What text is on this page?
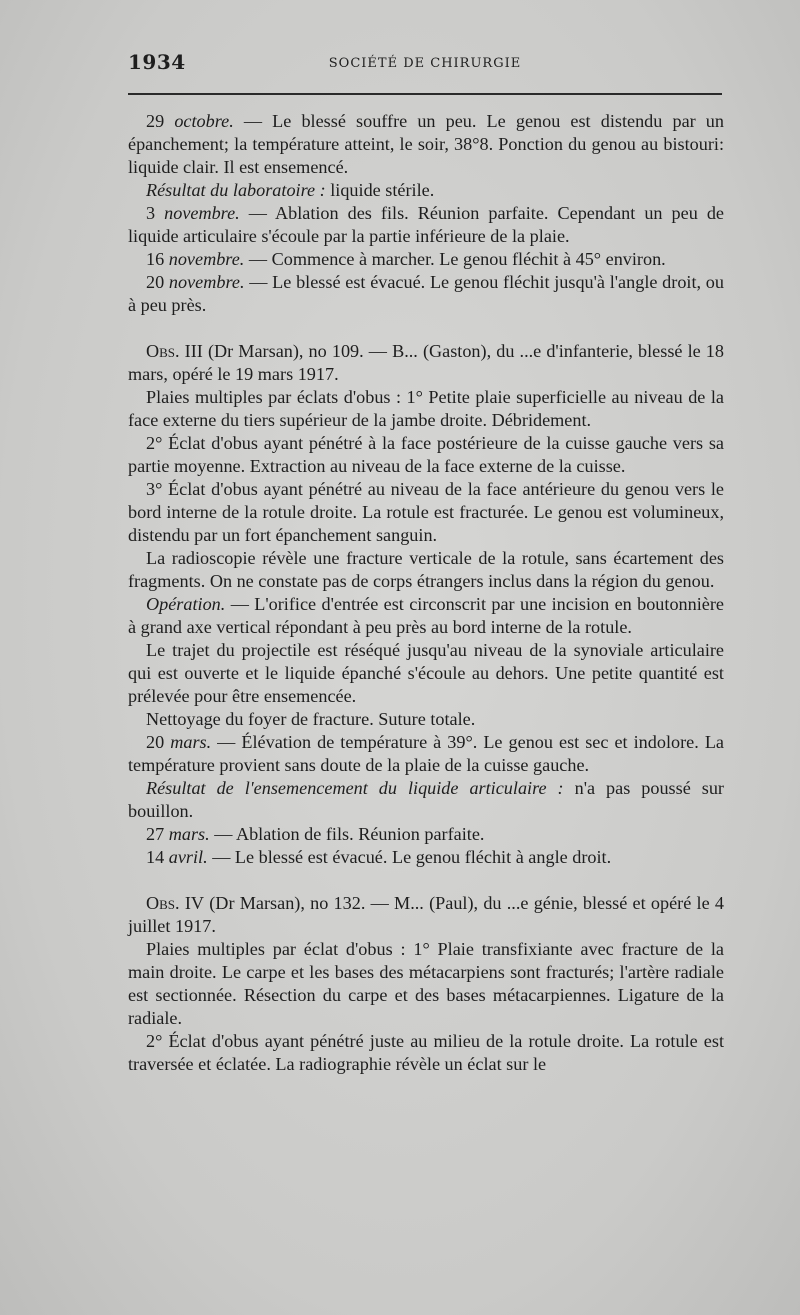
1934	SOCIÉTÉ DE CHIRURGIE

29 octobre. — Le blessé souffre un peu. Le genou est distendu par un épanchement; la température atteint, le soir, 38°8. Ponction du genou au bistouri: liquide clair. Il est ensemencé.

Résultat du laboratoire : liquide stérile.

3 novembre. — Ablation des fils. Réunion parfaite. Cependant un peu de liquide articulaire s'écoule par la partie inférieure de la plaie.

16 novembre. — Commence à marcher. Le genou fléchit à 45° environ.

20 novembre. — Le blessé est évacué. Le genou fléchit jusqu'à l'angle droit, ou à peu près.

Obs. III (Dr Marsan), no 109. — B... (Gaston), du ...e d'infanterie, blessé le 18 mars, opéré le 19 mars 1917.

Plaies multiples par éclats d'obus : 1° Petite plaie superficielle au niveau de la face externe du tiers supérieur de la jambe droite. Débridement.

2° Éclat d'obus ayant pénétré à la face postérieure de la cuisse gauche vers sa partie moyenne. Extraction au niveau de la face externe de la cuisse.

3° Éclat d'obus ayant pénétré au niveau de la face antérieure du genou vers le bord interne de la rotule droite. La rotule est fracturée. Le genou est volumineux, distendu par un fort épanchement sanguin.

La radioscopie révèle une fracture verticale de la rotule, sans écartement des fragments. On ne constate pas de corps étrangers inclus dans la région du genou.

Opération. — L'orifice d'entrée est circonscrit par une incision en boutonnière à grand axe vertical répondant à peu près au bord interne de la rotule.

Le trajet du projectile est réséqué jusqu'au niveau de la synoviale articulaire qui est ouverte et le liquide épanché s'écoule au dehors. Une petite quantité est prélevée pour être ensemencée.

Nettoyage du foyer de fracture. Suture totale.

20 mars. — Élévation de température à 39°. Le genou est sec et indolore. La température provient sans doute de la plaie de la cuisse gauche.

Résultat de l'ensemencement du liquide articulaire : n'a pas poussé sur bouillon.

27 mars. — Ablation de fils. Réunion parfaite.

14 avril. — Le blessé est évacué. Le genou fléchit à angle droit.

Obs. IV (Dr Marsan), no 132. — M... (Paul), du ...e génie, blessé et opéré le 4 juillet 1917.

Plaies multiples par éclat d'obus : 1° Plaie transfixiante avec fracture de la main droite. Le carpe et les bases des métacarpiens sont fracturés; l'artère radiale est sectionnée. Résection du carpe et des bases métacarpiennes. Ligature de la radiale.

2° Éclat d'obus ayant pénétré juste au milieu de la rotule droite. La rotule est traversée et éclatée. La radiographie révèle un éclat sur le
